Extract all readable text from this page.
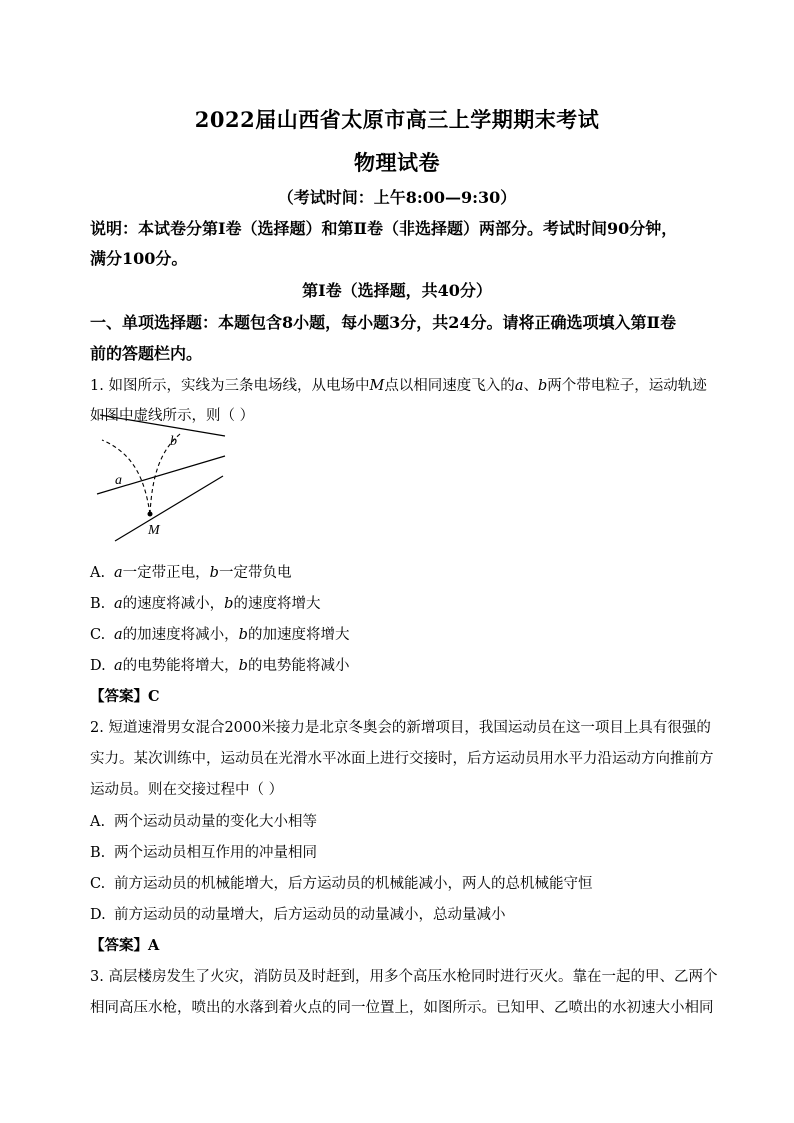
2022届山西省太原市高三上学期期末考试
物理试卷
（考试时间：上午8:00—9:30）
说明：本试卷分第Ⅰ卷（选择题）和第Ⅱ卷（非选择题）两部分。考试时间90分钟，
满分100分。
第Ⅰ卷（选择题，共40分）
一、单项选择题：本题包含8小题，每小题3分，共24分。请将正确选项填入第Ⅱ卷
前的答题栏内。
1. 如图所示，实线为三条电场线，从电场中M点以相同速度飞入的a、b两个带电粒子，运动轨迹
如图中虚线所示，则（ ）
a
b
M
A. a一定带正电，b一定带负电
B. a的速度将减小，b的速度将增大
C. a的加速度将减小，b的加速度将增大
D. a的电势能将增大，b的电势能将减小
【答案】C
2. 短道速滑男女混合2000米接力是北京冬奥会的新增项目，我国运动员在这一项目上具有很强的
实力。某次训练中，运动员在光滑水平冰面上进行交接时，后方运动员用水平力沿运动方向推前方
运动员。则在交接过程中（ ）
A. 两个运动员动量的变化大小相等
B. 两个运动员相互作用的冲量相同
C. 前方运动员的机械能增大，后方运动员的机械能减小，两人的总机械能守恒
D. 前方运动员的动量增大，后方运动员的动量减小，总动量减小
【答案】A
3. 高层楼房发生了火灾，消防员及时赶到，用多个高压水枪同时进行灭火。靠在一起的甲、乙两个
相同高压水枪，喷出的水落到着火点的同一位置上，如图所示。已知甲、乙喷出的水初速大小相同
